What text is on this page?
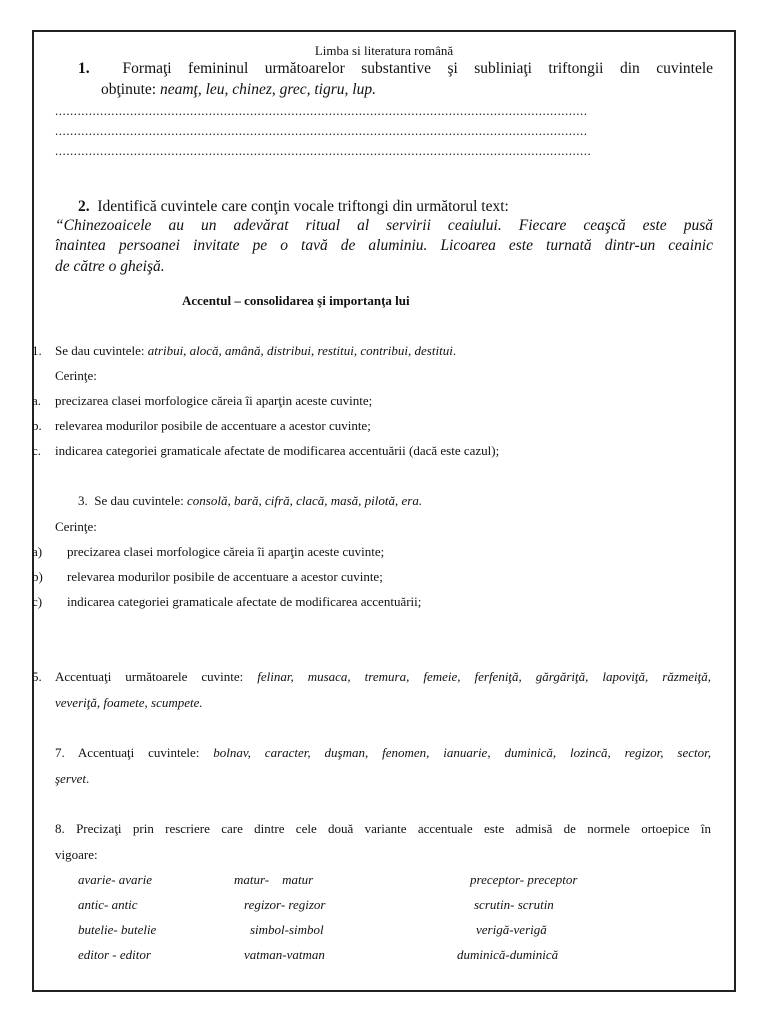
Limba si literatura română
1. Formaţi femininul următoarelor substantive şi subliniaţi triftongii din cuvintele
obţinute: neamţ, leu, chinez, grec, tigru, lup.
..............................................................................................................................................
..............................................................................................................................................
...............................................................................................................................................
2. Identifică cuvintele care conţin vocale triftongi din următorul text:
“Chinezoaicele au un adevărat ritual al servirii ceaiului. Fiecare ceaşcă este pusă
înaintea persoanei invitate pe o tavă de aluminiu. Licoarea este turnată dintr-un ceainic
de către o gheişă.
Accentul – consolidarea şi importanţa lui
1. Se dau cuvintele: atribui, alocă, amână, distribui, restitui, contribui, destitui.
Cerinţe:
a. precizarea clasei morfologice căreia îi aparţin aceste cuvinte;
b. relevarea modurilor posibile de accentuare a acestor cuvinte;
c. indicarea categoriei gramaticale afectate de modificarea accentuării (dacă este cazul);
3. Se dau cuvintele: consolă, bară, cifră, clacă, masă, pilotă, era.
Cerinţe:
a) precizarea clasei morfologice căreia îi aparţin aceste cuvinte;
b) relevarea modurilor posibile de accentuare a acestor cuvinte;
c) indicarea categoriei gramaticale afectate de modificarea accentuării;
5. Accentuaţi următoarele cuvinte: felinar, musaca, tremura, femeie, ferfeniţă, gărgăriţă, lapoviţă, răzmeiţă,
veveriţă, foamete, scumpete.
7. Accentuaţi cuvintele: bolnav, caracter, duşman, fenomen, ianuarie, duminică, lozincă, regizor, sector,
şervet.
8. Precizaţi prin rescriere care dintre cele două variante accentuale este admisă de normele ortoepice în
vigoare:
avarie- avarie	matur-    matur	preceptor- preceptor
antic- antic	regizor- regizor	scrutin- scrutin
butelie- butelie	simbol-simbol	verigă-verigă
editor - editor	vatman-vatman	duminică-duminică
